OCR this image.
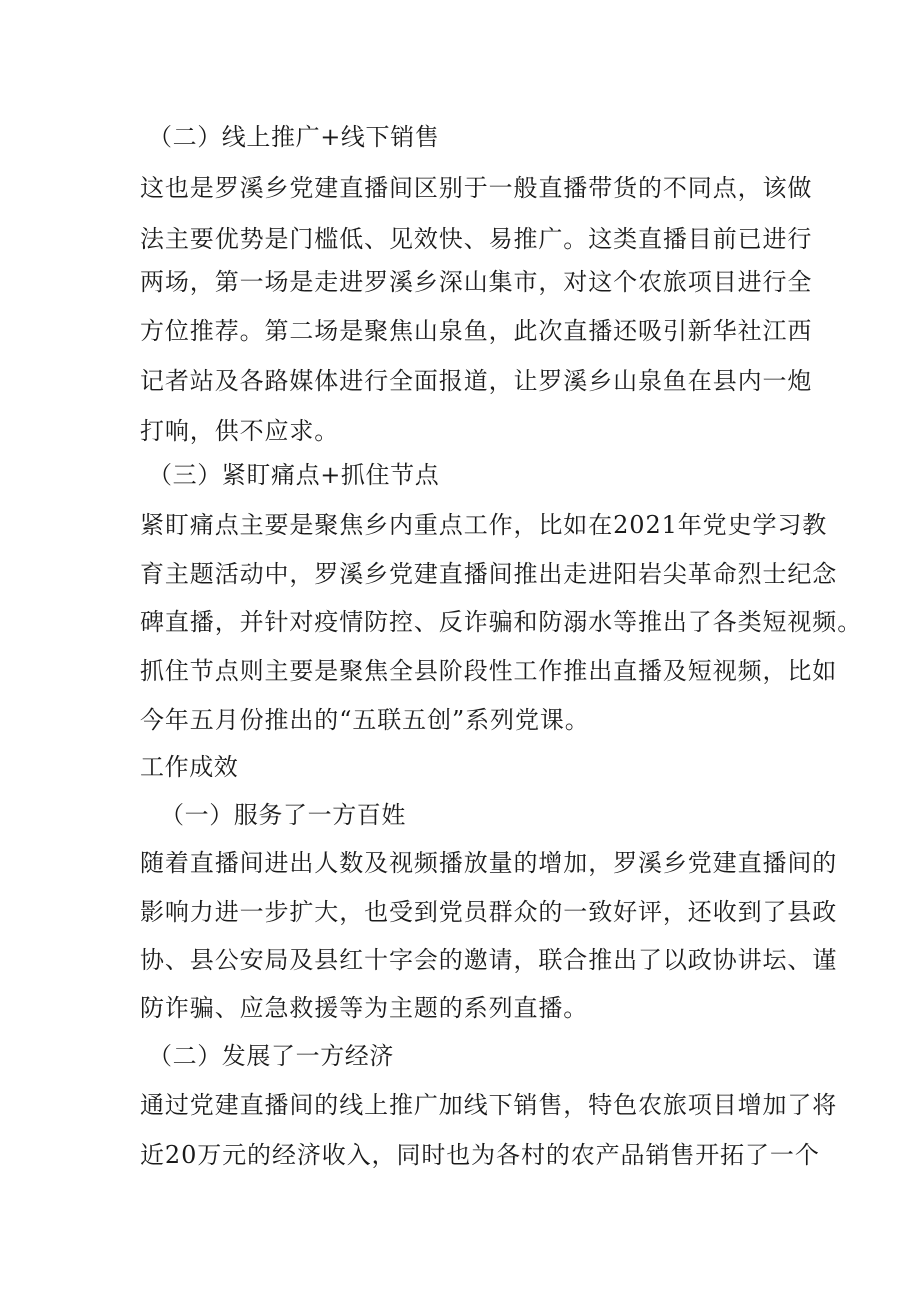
（二）线上推广+线下销售
这也是罗溪乡党建直播间区别于一般直播带货的不同点，该做
法主要优势是门槛低、见效快、易推广。这类直播目前已进行
两场，第一场是走进罗溪乡深山集市，对这个农旅项目进行全
方位推荐。第二场是聚焦山泉鱼，此次直播还吸引新华社江西
记者站及各路媒体进行全面报道，让罗溪乡山泉鱼在县内一炮
打响，供不应求。
（三）紧盯痛点+抓住节点
紧盯痛点主要是聚焦乡内重点工作，比如在2021年党史学习教
育主题活动中，罗溪乡党建直播间推出走进阳岩尖革命烈士纪念
碑直播，并针对疫情防控、反诈骗和防溺水等推出了各类短视频。
抓住节点则主要是聚焦全县阶段性工作推出直播及短视频，比如
今年五月份推出的“五联五创”系列党课。
工作成效
（一）服务了一方百姓
随着直播间进出人数及视频播放量的增加，罗溪乡党建直播间的
影响力进一步扩大，也受到党员群众的一致好评，还收到了县政
协、县公安局及县红十字会的邀请，联合推出了以政协讲坛、谨
防诈骗、应急救援等为主题的系列直播。
（二）发展了一方经济
通过党建直播间的线上推广加线下销售，特色农旅项目增加了将
近20万元的经济收入，同时也为各村的农产品销售开拓了一个
